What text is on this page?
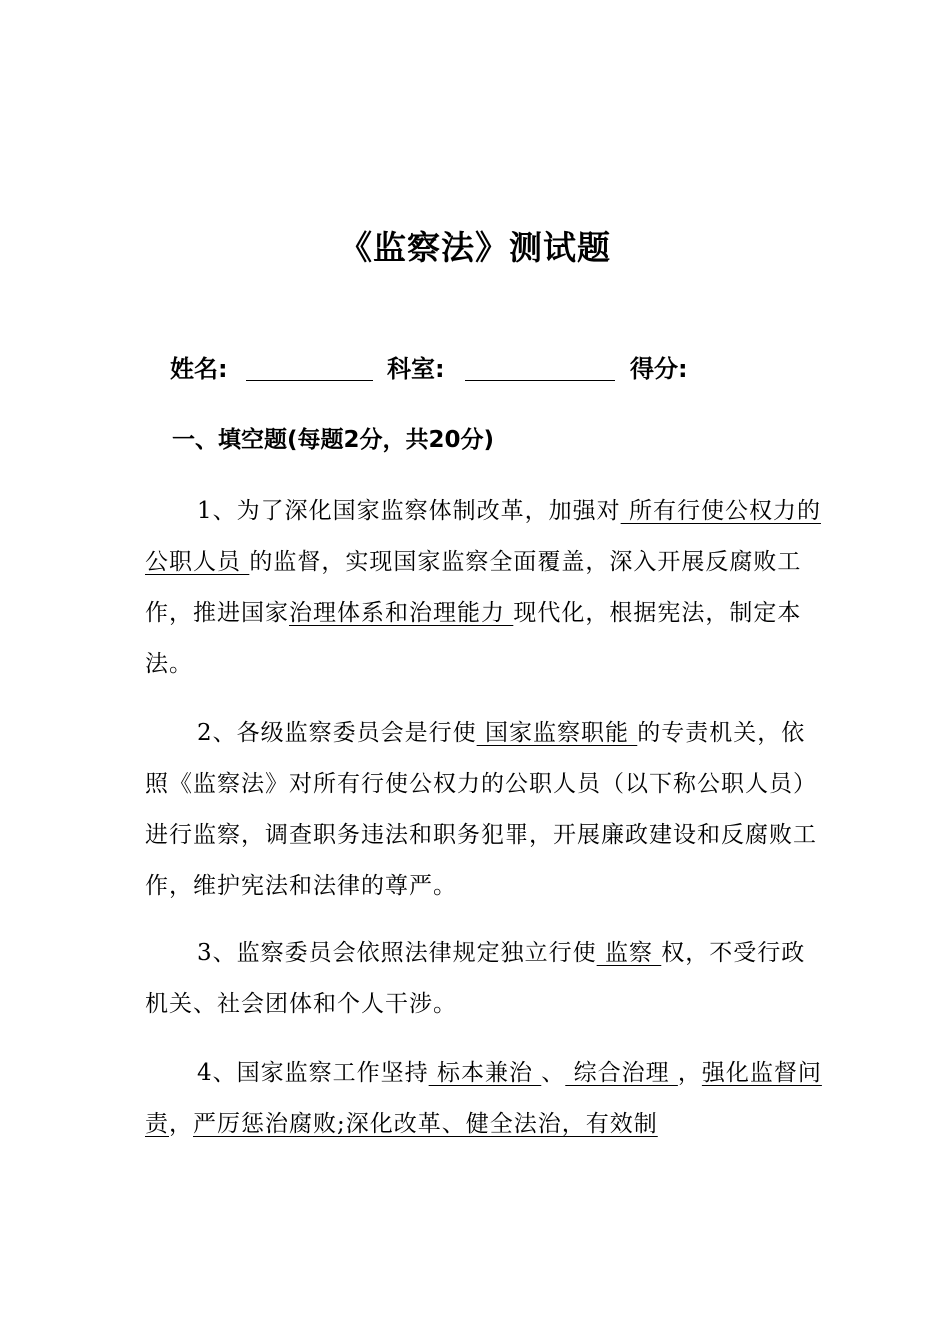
《监察法》测试题
姓名:	科室:	得分:
一、填空题(每题2分，共20分)

1、为了深化国家监察体制改革，加强对 所有行使公权力的公职人员 的监督，实现国家监察全面覆盖，深入开展反腐败工作，推进国家治理体系和治理能力 现代化，根据宪法，制定本法。

2、各级监察委员会是行使 国家监察职能 的专责机关，依照《监察法》对所有行使公权力的公职人员（以下称公职人员）进行监察，调查职务违法和职务犯罪，开展廉政建设和反腐败工作，维护宪法和法律的尊严。

3、监察委员会依照法律规定独立行使 监察 权，不受行政机关、社会团体和个人干涉。

4、国家监察工作坚持 标本兼治 、 综合治理 ，强化监督问责，严厉惩治腐败;深化改革、健全法治，有效制
